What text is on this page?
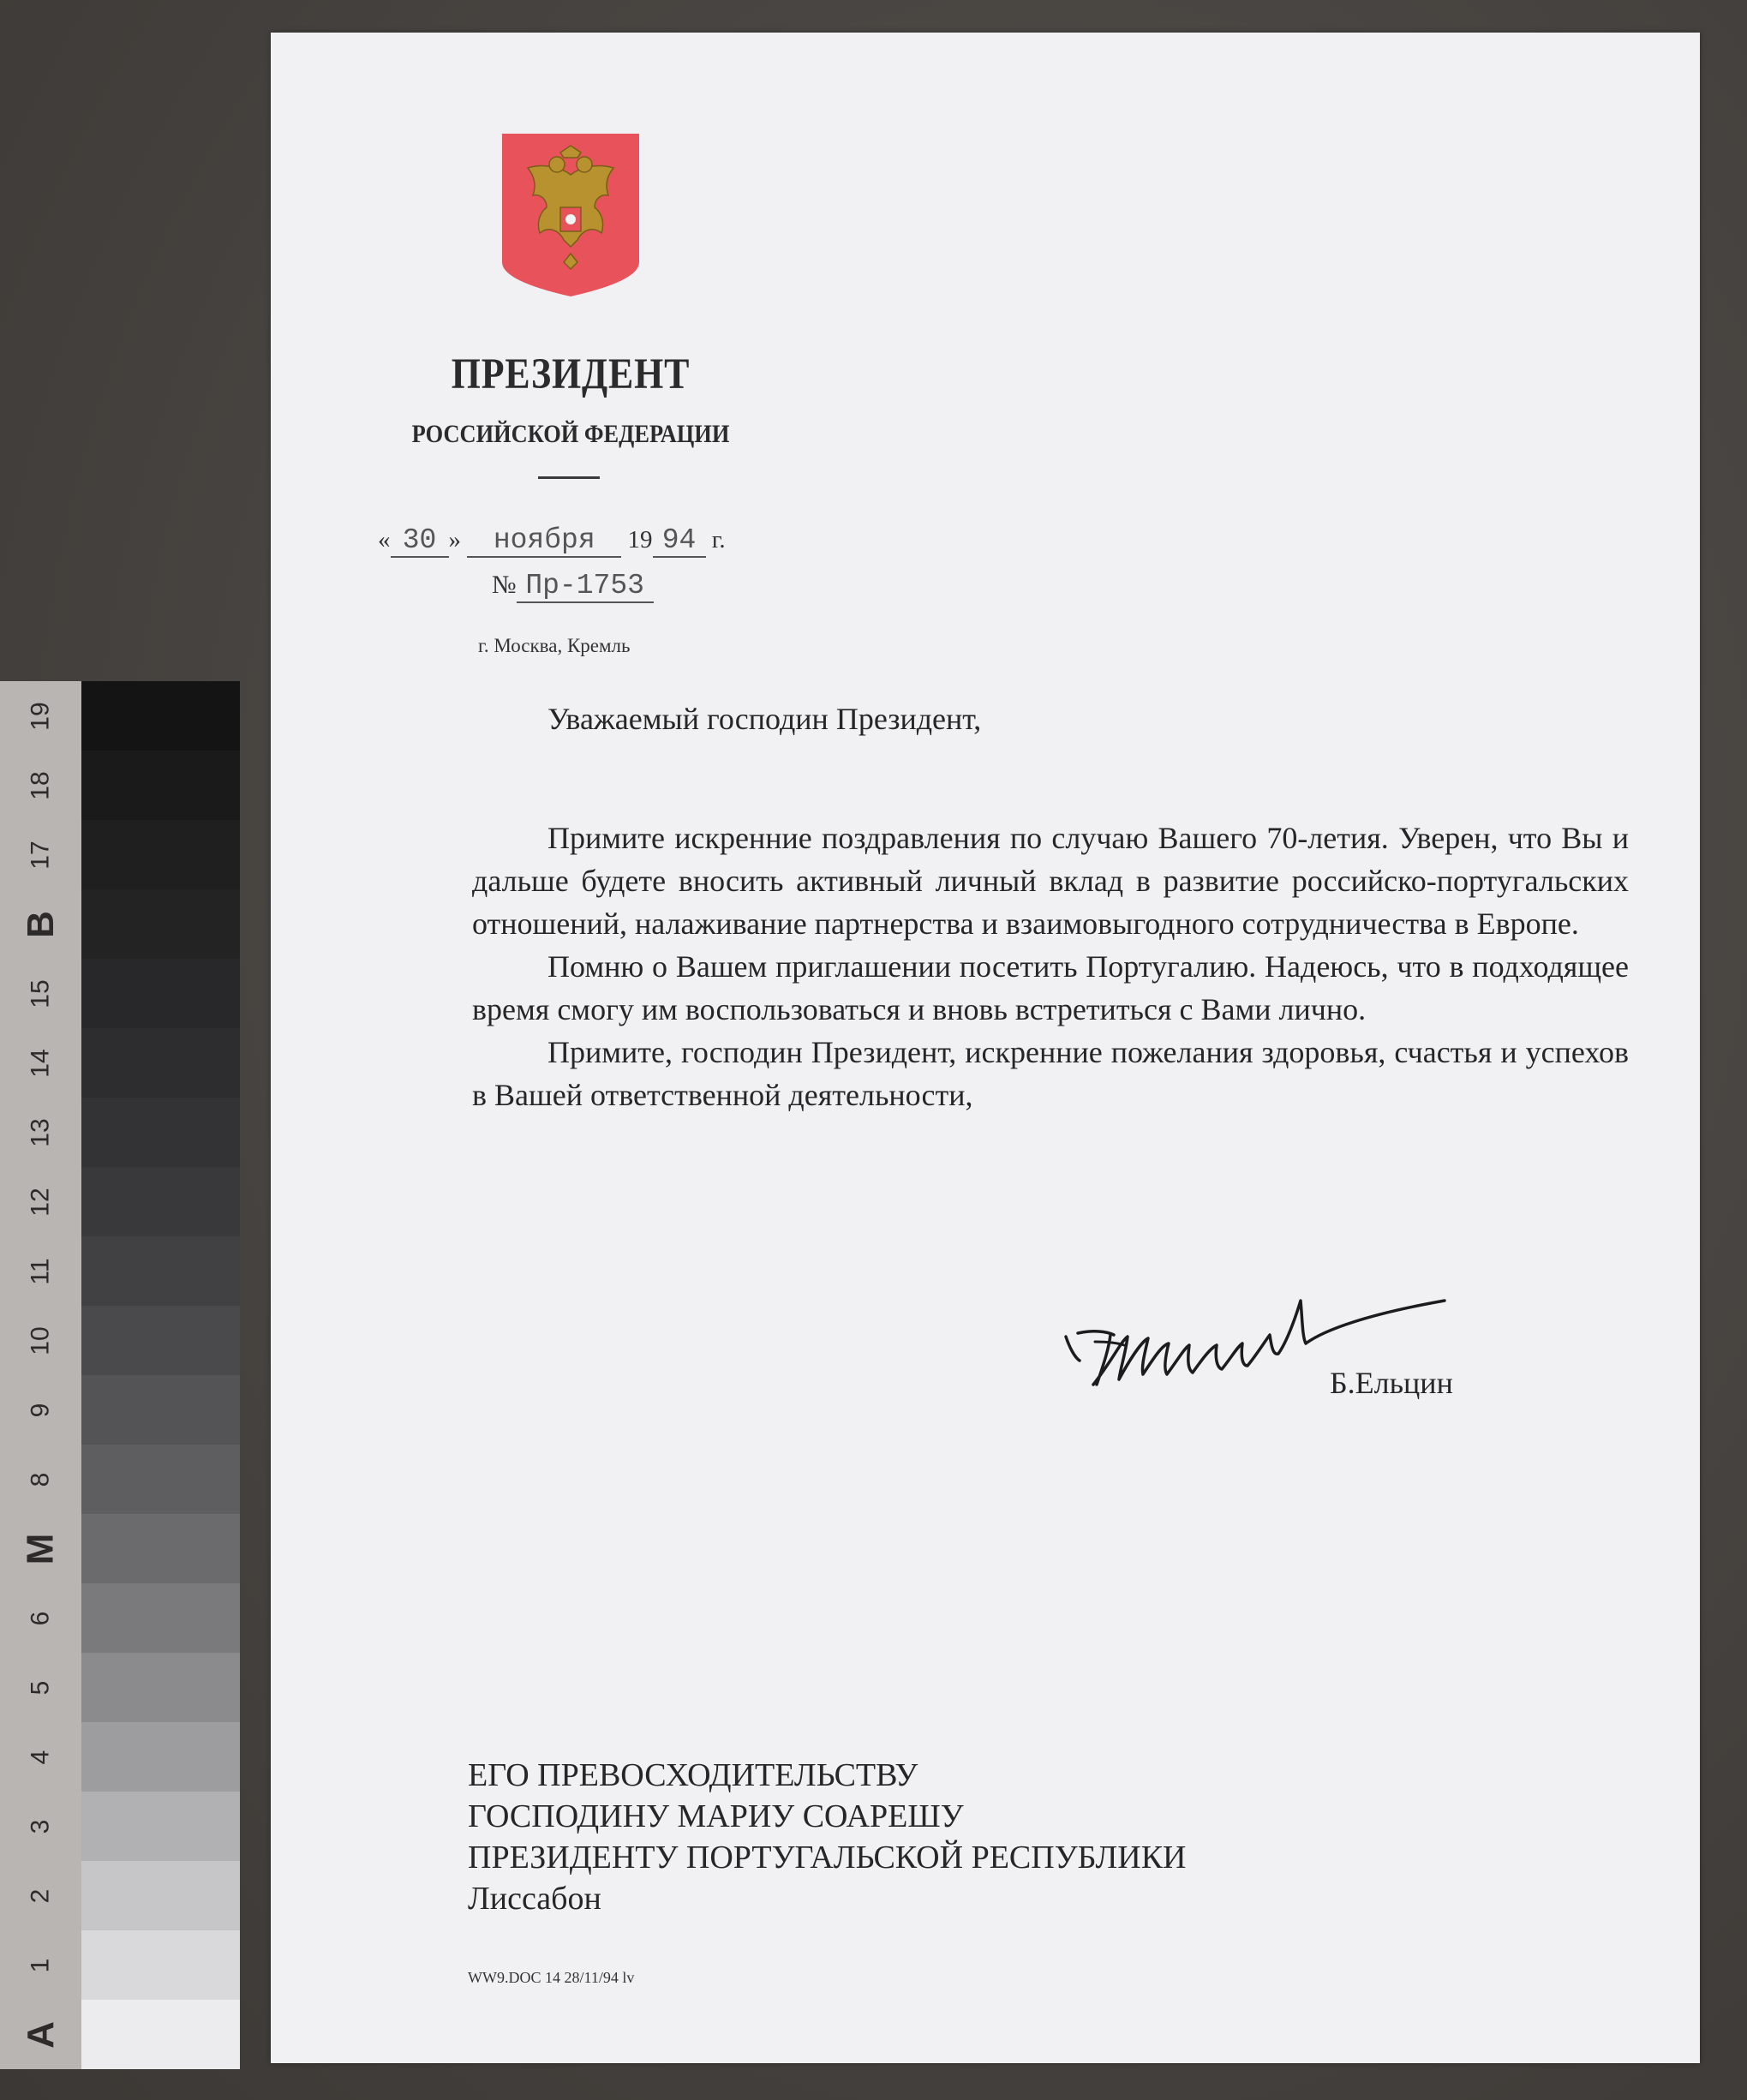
19
18
17
B
15
14
13
12
11
10
9
8
M
6
5
4
3
2
1
A
ПРЕЗИДЕНТ
РОССИЙСКОЙ ФЕДЕРАЦИИ
« 30 » ноября 19 94 г.
№ Пр-1753
г. Москва, Кремль
Уважаемый господин Президент,

Примите искренние поздравления по случаю Вашего 70-летия. Уверен, что Вы и дальше будете вносить активный личный вклад в развитие российско-португальских отношений, налаживание партнерства и взаимовыгодного сотрудничества в Европе.

Помню о Вашем приглашении посетить Португалию. Надеюсь, что в подходящее время смогу им воспользоваться и вновь встретиться с Вами лично.

Примите, господин Президент, искренние пожелания здоровья, счастья и успехов в Вашей ответственной деятельности,

Б.Ельцин
ЕГО ПРЕВОСХОДИТЕЛЬСТВУ
ГОСПОДИНУ МАРИУ СОАРЕШУ
ПРЕЗИДЕНТУ ПОРТУГАЛЬСКОЙ РЕСПУБЛИКИ
Лиссабон
WW9.DOC 14 28/11/94 lv
